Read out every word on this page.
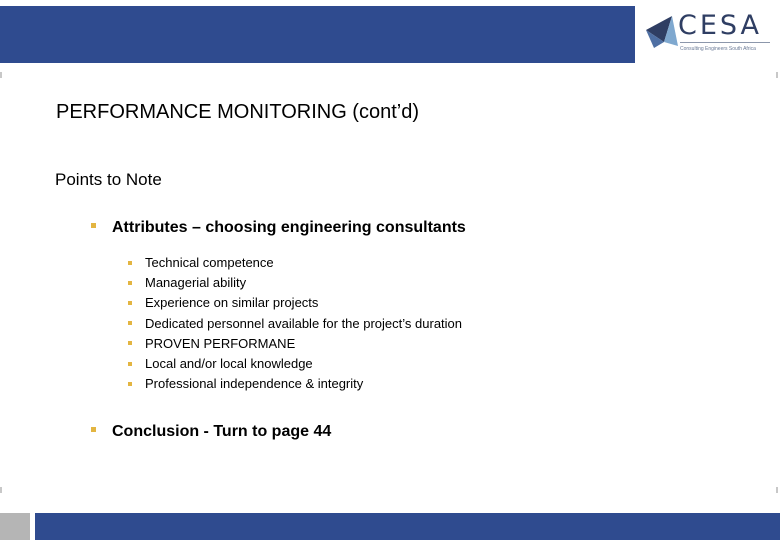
CESA
Consulting Engineers South Africa
PERFORMANCE MONITORING (cont’d)
Points to Note
Attributes – choosing engineering consultants
Technical competence
Managerial ability
Experience on similar projects
Dedicated personnel available for the project’s duration
PROVEN PERFORMANE
Local and/or local knowledge
Professional independence & integrity
Conclusion - Turn to page 44
